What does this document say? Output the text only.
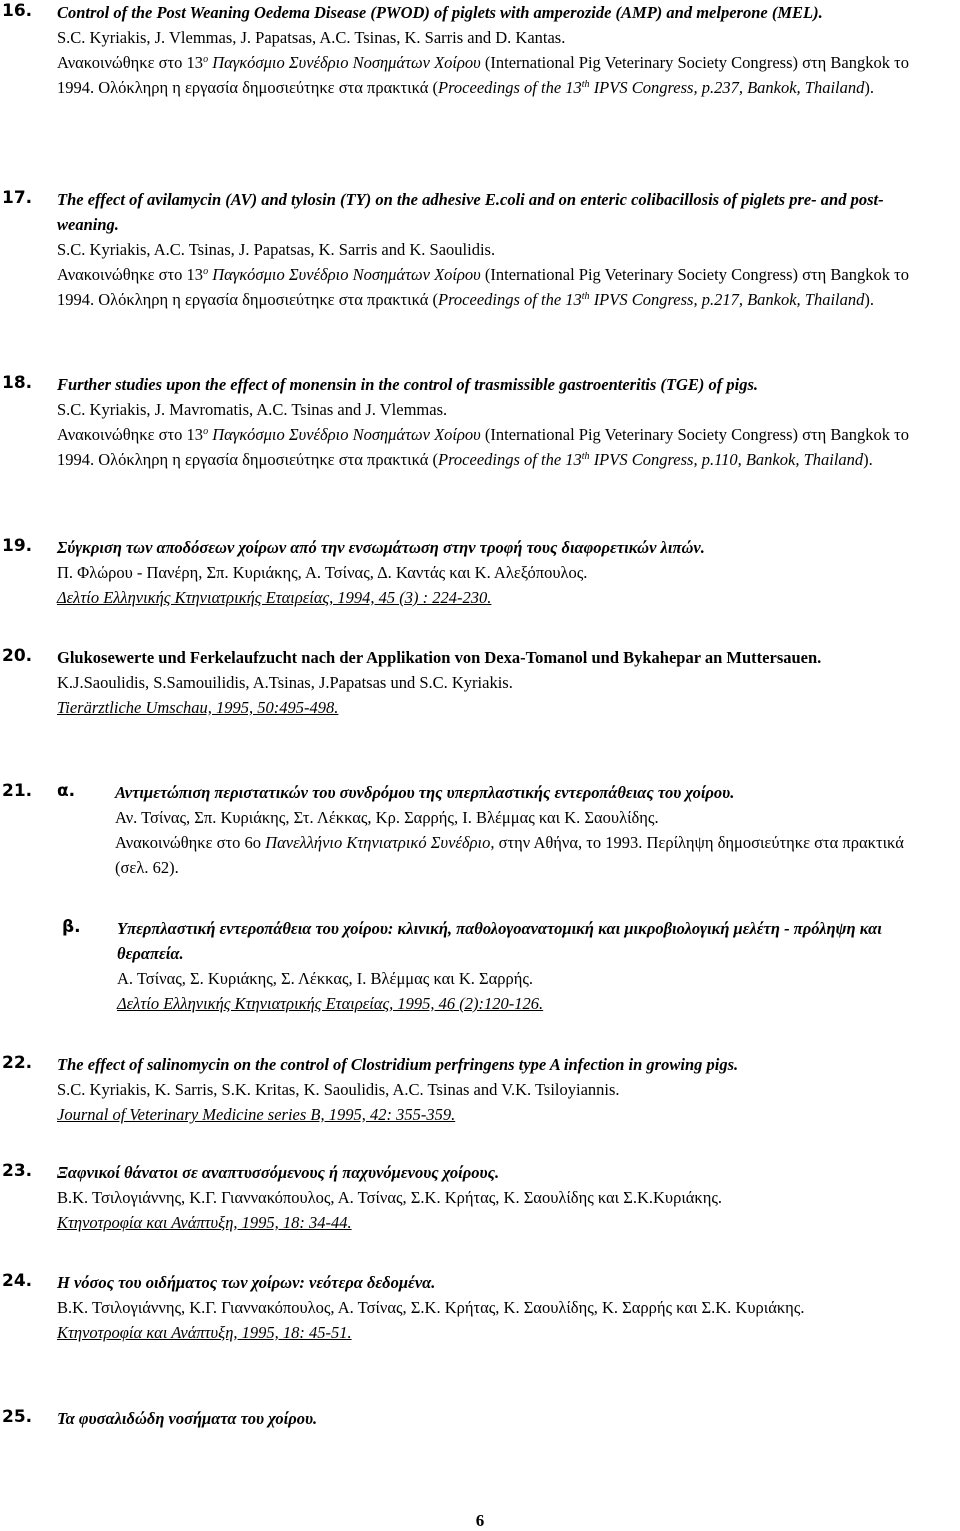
16. Control of the Post Weaning Oedema Disease (PWOD) of piglets with amperozide (AMP) and melperone (MEL).

S.C. Kyriakis, J. Vlemmas, J. Papatsas, A.C. Tsinas, K. Sarris and D. Kantas.

Ανακοινώθηκε στο $13^o$ Παγκόσμιο Συνέδριο Νοσημάτων Χοίρου (International Pig Veterinary Society Congress) στη Bangkok το 1994. Ολόκληρη η εργασία δημοσιεύτηκε στα πρακτικά (Proceedings of the 13th IPVS Congress, p.237, Bankok, Thailand).

17. The effect of avilamycin (AV) and tylosin (TY) on the adhesive E.coli and on enteric colibacillosis of piglets pre- and post- weaning.

S.C. Kyriakis, A.C. Tsinas, J. Papatsas, K. Sarris and K. Saoulidis.

Ανακοινώθηκε στο $13^o$ Παγκόσμιο Συνέδριο Νοσημάτων Χοίρου (International Pig Veterinary Society Congress) στη Bangkok το 1994. Ολόκληρη η εργασία δημοσιεύτηκε στα πρακτικά (Proceedings of the 13th IPVS Congress, p.217, Bankok, Thailand).

18. Further studies upon the effect of monensin in the control of trasmissible gastroenteritis (TGE) of pigs.

S.C. Kyriakis, J. Mavromatis, A.C. Tsinas and J. Vlemmas.

Ανακοινώθηκε στο $13^o$ Παγκόσμιο Συνέδριο Νοσημάτων Χοίρου (International Pig Veterinary Society Congress) στη Bangkok το 1994. Ολόκληρη η εργασία δημοσιεύτηκε στα πρακτικά (Proceedings of the 13th IPVS Congress, p.110, Bankok, Thailand).

19. Σύγκριση των αποδόσεων χοίρων από την ενσωμάτωση στην τροφή τους διαφορετικών λιπών.

Π. Φλώρου - Πανέρη, Σπ. Κυριάκης, Α. Τσίνας, Δ. Καντάς και Κ. Αλεξόπουλος.

Δελτίο Ελληνικής Κτηνιατρικής Εταιρείας, 1994, 45 (3) : 224-230.

20. Glukosewerte und Ferkelaufzucht nach der Applikation von Dexa-Tomanol und Bykahepar an Muttersauen.

K.J.Saoulidis, S.Samouilidis, A.Tsinas, J.Papatsas und S.C. Kyriakis.

Tierärztliche Umschau, 1995, 50:495-498.

21. α. Αντιμετώπιση περιστατικών του συνδρόμου της υπερπλαστικής εντεροπάθειας του χοίρου.

Αν. Τσίνας, Σπ. Κυριάκης, Στ. Λέκκας, Κρ. Σαρρής, Ι. Βλέμμας και Κ. Σαουλίδης.

Ανακοινώθηκε στο 6ο Πανελλήνιο Κτηνιατρικό Συνέδριο, στην Αθήνα, το 1993. Περίληψη δημοσιεύτηκε στα πρακτικά (σελ. 62).

β. Υπερπλαστική εντεροπάθεια του χοίρου: κλινική, παθολογοανατομική και μικροβιολογική μελέτη - πρόληψη και θεραπεία.

Α. Τσίνας, Σ. Κυριάκης, Σ. Λέκκας, Ι. Βλέμμας και Κ. Σαρρής.

Δελτίο Ελληνικής Κτηνιατρικής Εταιρείας, 1995, 46 (2):120-126.

22. The effect of salinomycin on the control of Clostridium perfringens type A infection in growing pigs.

S.C. Kyriakis, K. Sarris, S.K. Kritas, K. Saoulidis, A.C. Tsinas and V.K. Tsiloyiannis.

Journal of Veterinary Medicine series B, 1995, 42: 355-359.

23. Ξαφνικοί θάνατοι σε αναπτυσσόμενους ή παχυνόμενους χοίρους.

Β.Κ. Τσιλογιάννης, Κ.Γ. Γιαννακόπουλος, Α. Τσίνας, Σ.Κ. Κρήτας, Κ. Σαουλίδης και Σ.Κ.Κυριάκης.

Κτηνοτροφία και Ανάπτυξη, 1995, 18: 34-44.

24. Η νόσος του οιδήματος των χοίρων: νεότερα δεδομένα.

Β.Κ. Τσιλογιάννης, Κ.Γ. Γιαννακόπουλος, Α. Τσίνας, Σ.Κ. Κρήτας, Κ. Σαουλίδης, Κ. Σαρρής και Σ.Κ. Κυριάκης.

Κτηνοτροφία και Ανάπτυξη, 1995, 18: 45-51.

25. Τα φυσαλιδώδη νοσήματα του χοίρου.

6
